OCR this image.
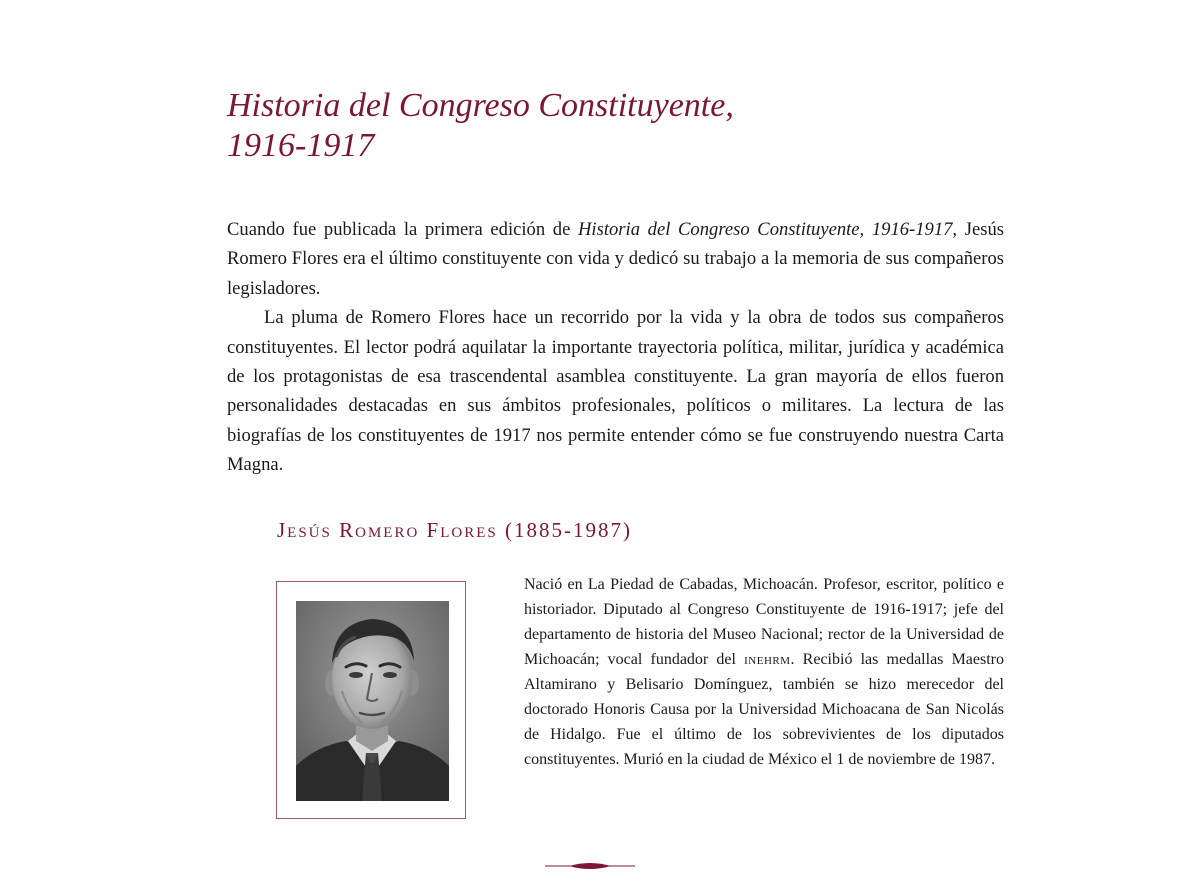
Historia del Congreso Constituyente,
1916-1917

Cuando fue publicada la primera edición de Historia del Congreso Constituyente, 1916-1917, Jesús Romero Flores era el último constituyente con vida y dedicó su trabajo a la memoria de sus compañeros legisladores.

La pluma de Romero Flores hace un recorrido por la vida y la obra de todos sus compañeros constituyentes. El lector podrá aquilatar la importante trayectoria política, militar, jurídica y académica de los protagonistas de esa trascendental asamblea constituyente. La gran mayoría de ellos fueron personalidades destacadas en sus ámbitos profesionales, políticos o militares. La lectura de las biografías de los constituyentes de 1917 nos permite entender cómo se fue construyendo nuestra Carta Magna.

Jesús Romero Flores (1885-1987)

Nació en La Piedad de Cabadas, Michoacán. Profesor, escritor, político e historiador. Diputado al Congreso Constituyente de 1916-1917; jefe del departamento de historia del Museo Nacional; rector de la Universidad de Michoacán; vocal fundador del inehrm. Recibió las medallas Maestro Altamirano y Belisario Domínguez, también se hizo merecedor del doctorado Honoris Causa por la Universidad Michoacana de San Nicolás de Hidalgo. Fue el último de los sobrevivientes de los diputados constituyentes. Murió en la ciudad de México el 1 de noviembre de 1987.
